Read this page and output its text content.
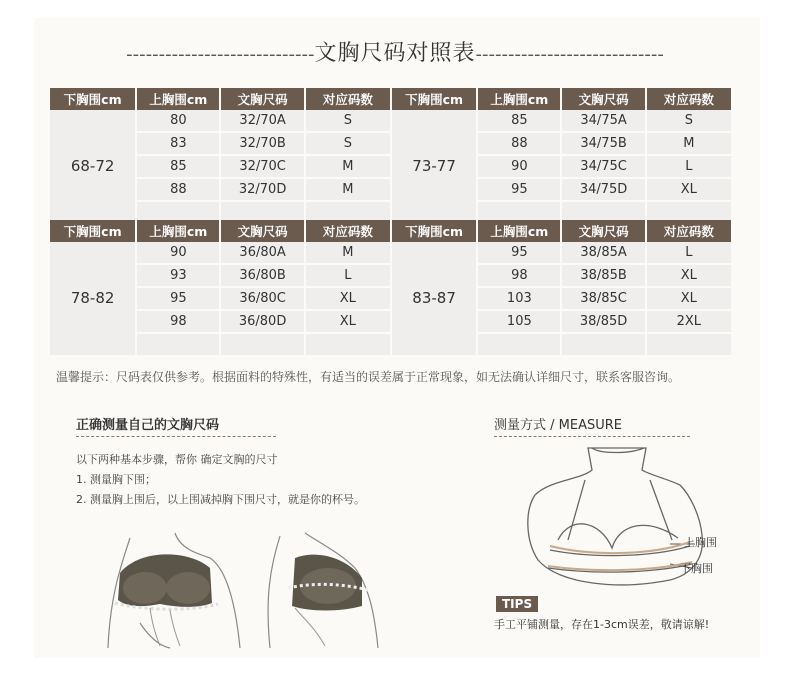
-----------------------------文胸尺码对照表-----------------------------
下胸围cm	上胸围cm	文胸尺码	对应码数	下胸围cm	上胸围cm	文胸尺码	对应码数
68-72	80	32/70A	S	73-77	85	34/75A	S
	83	32/70B	S		88	34/75B	M
	85	32/70C	M		90	34/75C	L
	88	32/70D	M		95	34/75D	XL

下胸围cm	上胸围cm	文胸尺码	对应码数	下胸围cm	上胸围cm	文胸尺码	对应码数
78-82	90	36/80A	M	83-87	95	38/85A	L
	93	36/80B	L		98	38/85B	XL
	95	36/80C	XL		103	38/85C	XL
	98	36/80D	XL		105	38/85D	2XL

温馨提示：尺码表仅供参考。根据面料的特殊性，有适当的误差属于正常现象，如无法确认详细尺寸，联系客服咨询。
正确测量自己的文胸尺码
以下两种基本步骤，帮你 确定文胸的尺寸
1. 测量胸下围；
2. 测量胸上围后，以上围减掉胸下围尺寸，就是你的杯号。
测量方式 / MEASURE
上胸围
下胸围
TIPS
手工平铺测量，存在1-3cm误差，敬请谅解!
